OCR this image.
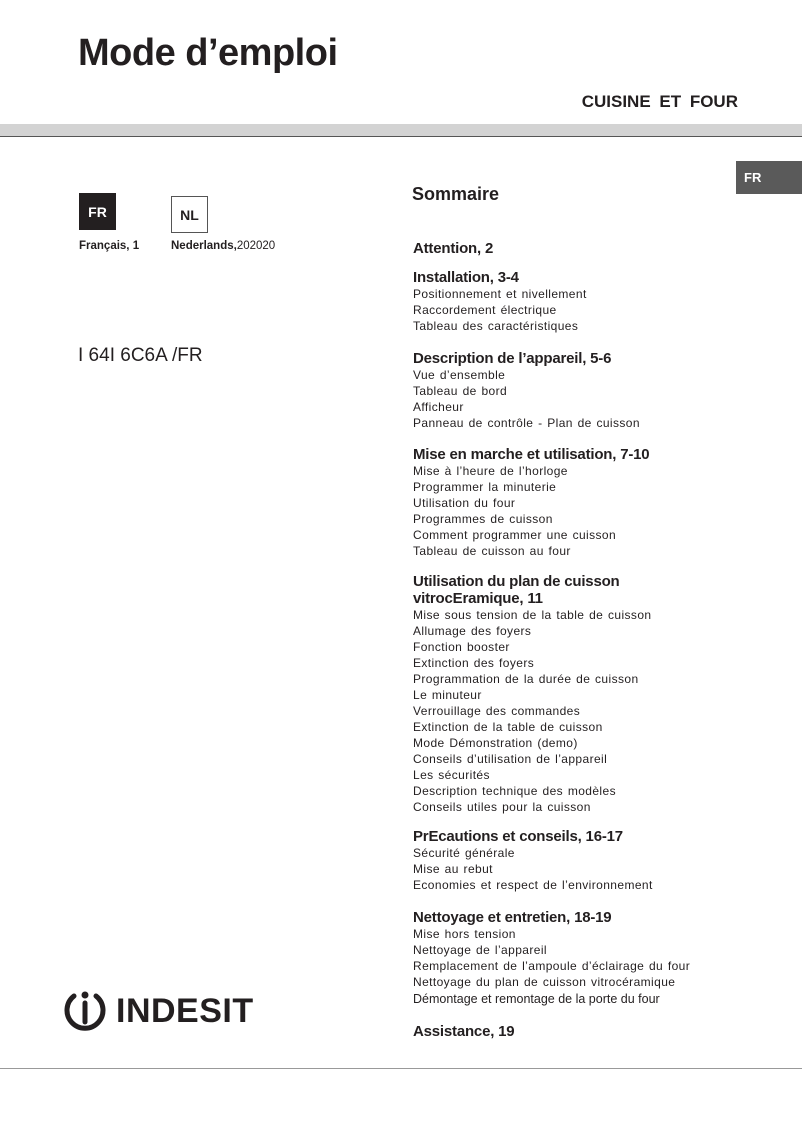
Mode d’emploi
CUISINE ET FOUR
FR
FR
Français, 1
NL
Nederlands,202020
I 64I 6C6A /FR
Sommaire
Attention, 2
Installation, 3-4
Positionnement et nivellement
Raccordement électrique
Tableau des caractéristiques
Description de l’appareil, 5-6
Vue d’ensemble
Tableau de bord
Afficheur
Panneau de contrôle - Plan de cuisson
Mise en marche et utilisation, 7-10
Mise à l’heure de l’horloge
Programmer la minuterie
Utilisation du four
Programmes de cuisson
Comment programmer une cuisson
Tableau de cuisson au four
Utilisation du plan de cuisson
vitrocEramique, 11
Mise sous tension de la table de cuisson
Allumage des foyers
Fonction booster
Extinction des foyers
Programmation de la durée de cuisson
Le minuteur
Verrouillage des commandes
Extinction de la table de cuisson
Mode Démonstration (demo)
Conseils d’utilisation de l’appareil
Les sécurités
Description technique des modèles
Conseils utiles pour la cuisson
PrEcautions et conseils, 16-17
Sécurité générale
Mise au rebut
Economies et respect de l’environnement
Nettoyage et entretien, 18-19
Mise hors tension
Nettoyage de l’appareil
Remplacement de l’ampoule d’éclairage du four
Nettoyage du plan de cuisson vitrocéramique
Démontage et remontage de la porte du four
Assistance, 19
INDESIT
